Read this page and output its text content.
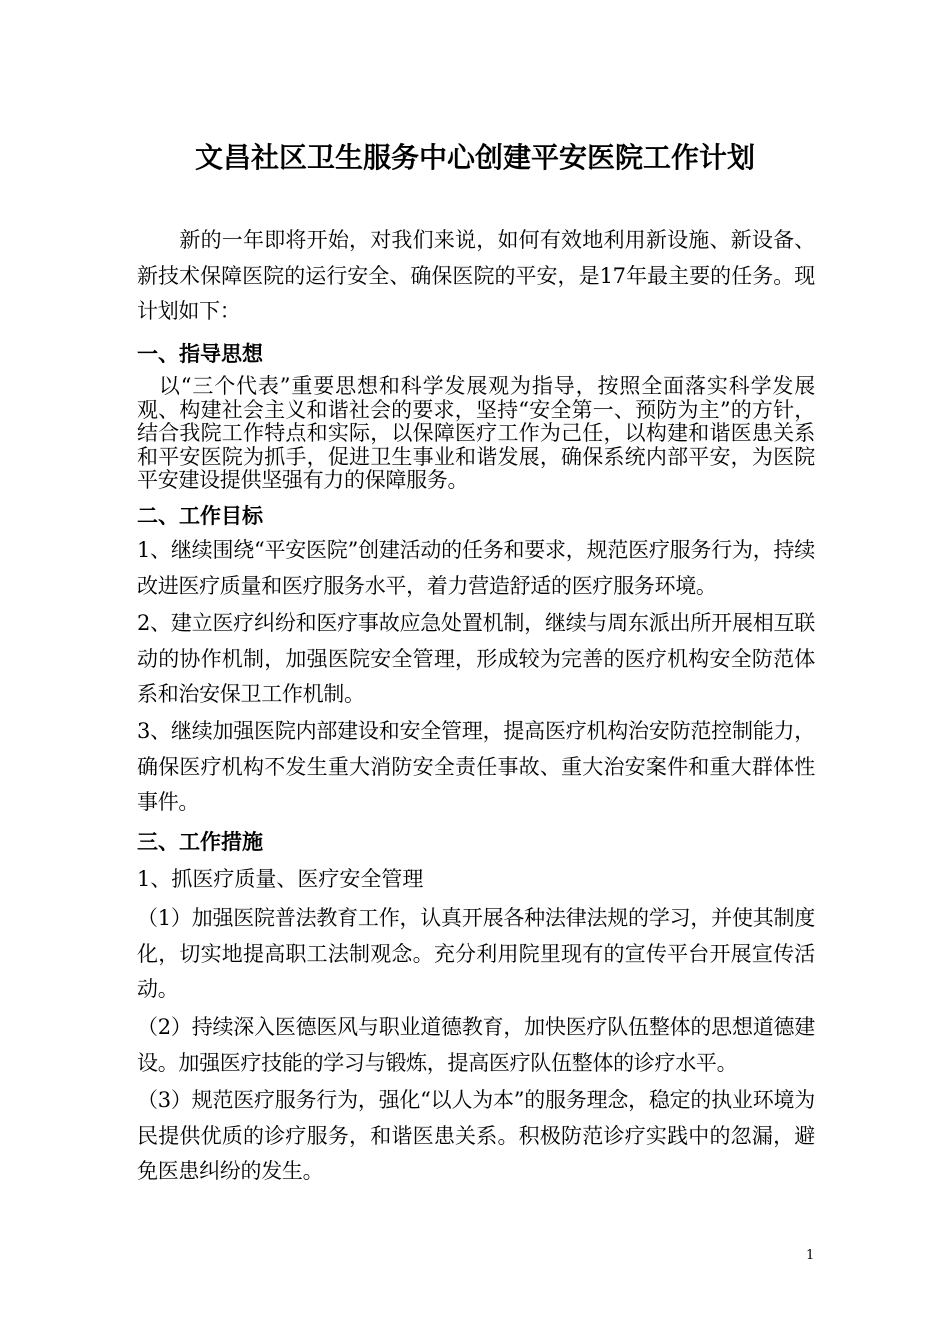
文昌社区卫生服务中心创建平安医院工作计划

　　新的一年即将开始，对我们来说，如何有效地利用新设施、新设备、新技术保障医院的运行安全、确保医院的平安，是17年最主要的任务。现计划如下：

一、指导思想

　以“三个代表”重要思想和科学发展观为指导，按照全面落实科学发展观、构建社会主义和谐社会的要求，坚持“安全第一、预防为主”的方针，结合我院工作特点和实际，以保障医疗工作为己任，以构建和谐医患关系和平安医院为抓手，促进卫生事业和谐发展，确保系统内部平安，为医院平安建设提供坚强有力的保障服务。

二、工作目标

1、继续围绕“平安医院”创建活动的任务和要求，规范医疗服务行为，持续改进医疗质量和医疗服务水平，着力营造舒适的医疗服务环境。

2、建立医疗纠纷和医疗事故应急处置机制，继续与周东派出所开展相互联动的协作机制，加强医院安全管理，形成较为完善的医疗机构安全防范体系和治安保卫工作机制。

3、继续加强医院内部建设和安全管理，提高医疗机构治安防范控制能力，确保医疗机构不发生重大消防安全责任事故、重大治安案件和重大群体性事件。

三、工作措施
1、抓医疗质量、医疗安全管理

（1）加强医院普法教育工作，认真开展各种法律法规的学习，并使其制度化，切实地提高职工法制观念。充分利用院里现有的宣传平台开展宣传活动。

（2）持续深入医德医风与职业道德教育，加快医疗队伍整体的思想道德建设。加强医疗技能的学习与锻炼，提高医疗队伍整体的诊疗水平。

（3）规范医疗服务行为，强化“以人为本”的服务理念，稳定的执业环境为民提供优质的诊疗服务，和谐医患关系。积极防范诊疗实践中的忽漏，避免医患纠纷的发生。

1
